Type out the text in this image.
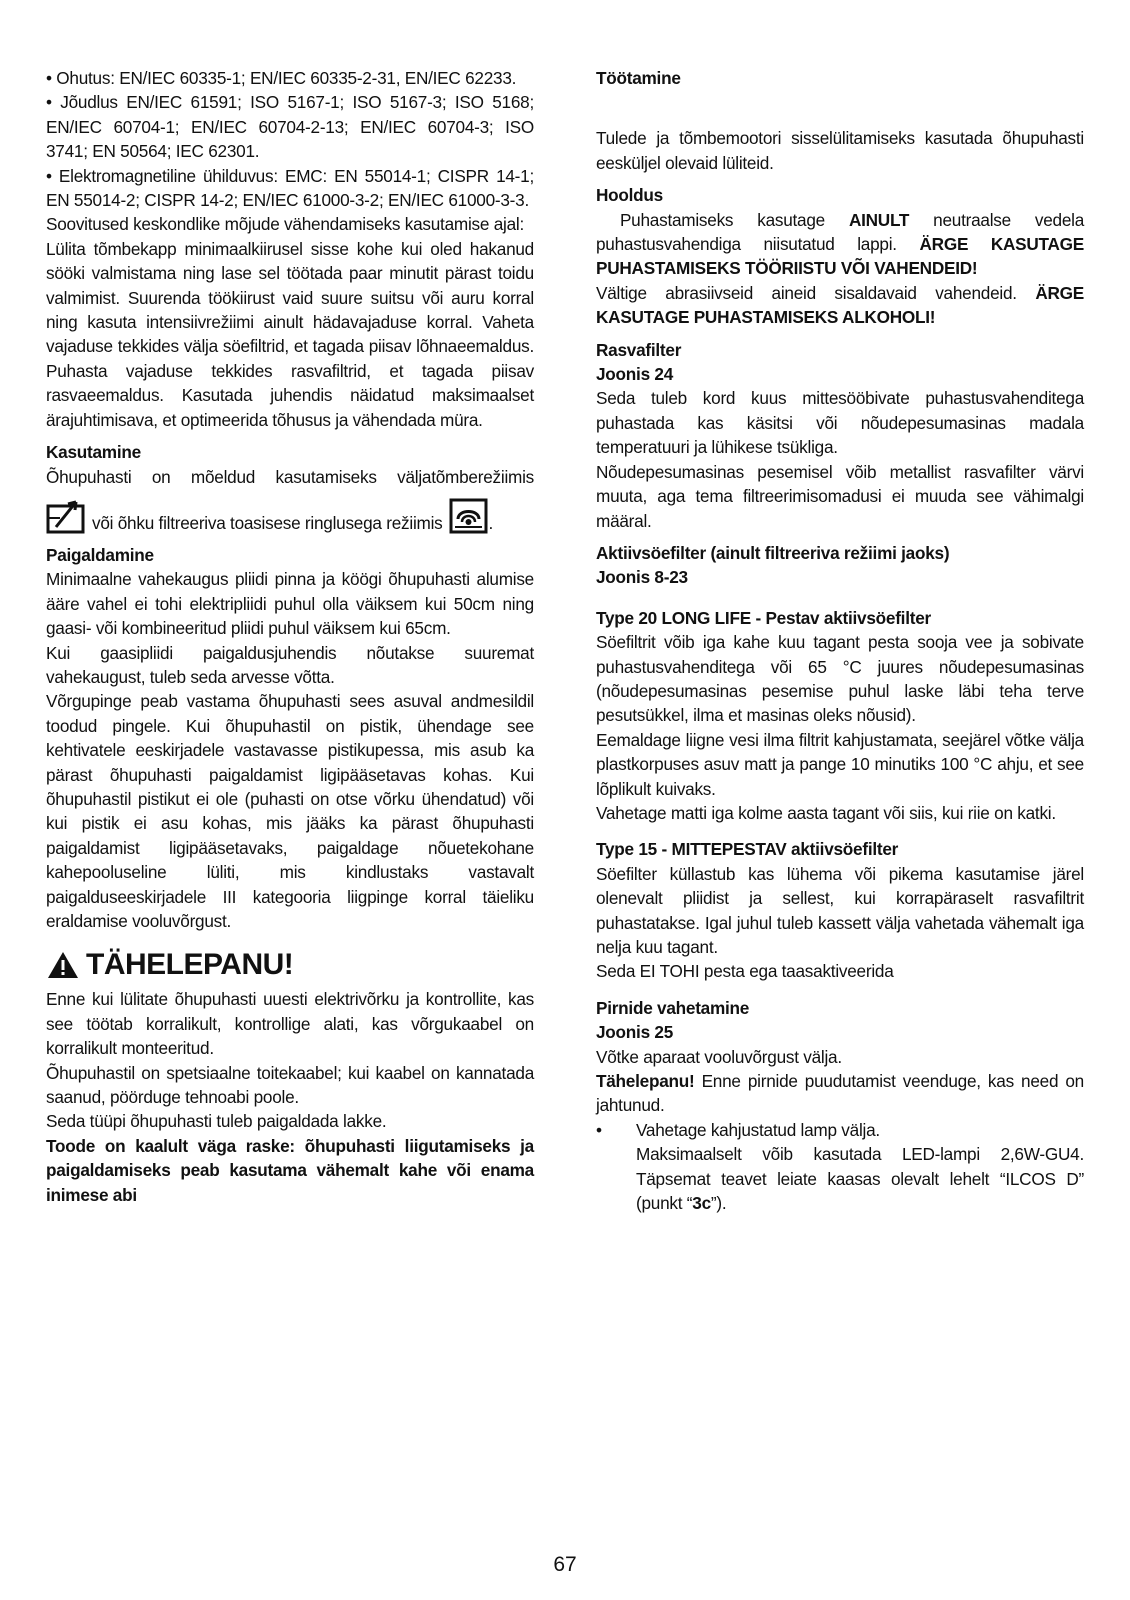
• Ohutus: EN/IEC 60335-1; EN/IEC 60335-2-31, EN/IEC 62233.

• Jõudlus EN/IEC 61591; ISO 5167-1; ISO 5167-3; ISO 5168; EN/IEC 60704-1; EN/IEC 60704-2-13; EN/IEC 60704-3; ISO 3741; EN 50564; IEC 62301.

• Elektromagnetiline ühilduvus: EMC: EN 55014-1; CISPR 14-1; EN 55014-2; CISPR 14-2; EN/IEC 61000-3-2; EN/IEC 61000-3-3.

Soovitused keskondlike mõjude vähendamiseks kasutamise ajal:

Lülita tõmbekapp minimaalkiirusel sisse kohe kui oled hakanud sööki valmistama ning lase sel töötada paar minutit pärast toidu valmimist. Suurenda töökiirust vaid suure suitsu või auru korral ning kasuta intensiivrežiimi ainult hädavajaduse korral. Vaheta vajaduse tekkides välja söefiltrid, et tagada piisav lõhnaeemaldus. Puhasta vajaduse tekkides rasvafiltrid, et tagada piisav rasvaeemaldus. Kasutada juhendis näidatud maksimaalset ärajuhtimisava, et optimeerida tõhusus ja vähendada müra.

Kasutamine

Õhupuhasti on mõeldud kasutamiseks väljatõmberežiimis

või õhku filtreeriva toasisese ringlusega režiimis	.

Paigaldamine

Minimaalne vahekaugus pliidi pinna ja köögi õhupuhasti alumise ääre vahel ei tohi elektripliidi puhul olla väiksem kui 50cm ning gaasi- või kombineeritud pliidi puhul väiksem kui 65cm.

Kui gaasipliidi paigaldusjuhendis nõutakse suuremat vahekaugust, tuleb seda arvesse võtta.

Võrgupinge peab vastama õhupuhasti sees asuval andmesildil toodud pingele. Kui õhupuhastil on pistik, ühendage see kehtivatele eeskirjadele vastavasse pistikupessa, mis asub ka pärast õhupuhasti paigaldamist ligipääsetavas kohas. Kui õhupuhastil pistikut ei ole (puhasti on otse võrku ühendatud) või kui pistik ei asu kohas, mis jääks ka pärast õhupuhasti paigaldamist ligipääsetavaks, paigaldage nõuetekohane kahepooluseline lüliti, mis kindlustaks vastavalt paigalduseeskirjadele III kategooria liigpinge korral täieliku eraldamise vooluvõrgust.

TÄHELEPANU!

Enne kui lülitate õhupuhasti uuesti elektrivõrku ja kontrollite, kas see töötab korralikult, kontrollige alati, kas võrgukaabel on korralikult monteeritud.

Õhupuhastil on spetsiaalne toitekaabel; kui kaabel on kannatada saanud, pöörduge tehnoabi poole.

Seda tüüpi õhupuhasti tuleb paigaldada lakke.

Toode on kaalult väga raske: õhupuhasti liigutamiseks ja paigaldamiseks peab kasutama vähemalt kahe või enama inimese abi

Töötamine

Tulede ja tõmbemootori sisselülitamiseks kasutada õhupuhasti eesküljel olevaid lüliteid.

Hooldus

Puhastamiseks kasutage AINULT neutraalse vedela puhastusvahendiga niisutatud lappi. ÄRGE KASUTAGE PUHASTAMISEKS TÖÖRIISTU VÕI VAHENDEID!

Vältige abrasiivseid aineid sisaldavaid vahendeid. ÄRGE KASUTAGE PUHASTAMISEKS ALKOHOLI!

Rasvafilter

Joonis 24

Seda tuleb kord kuus mittesööbivate puhastusvahenditega puhastada kas käsitsi või nõudepesumasinas madala temperatuuri ja lühikese tsükliga.

Nõudepesumasinas pesemisel võib metallist rasvafilter värvi muuta, aga tema filtreerimisomadusi ei muuda see vähimalgi määral.

Aktiivsöefilter (ainult filtreeriva režiimi jaoks)

Joonis 8-23

Type 20 LONG LIFE - Pestav aktiivsöefilter

Söefiltrit võib iga kahe kuu tagant pesta sooja vee ja sobivate puhastusvahenditega või 65 °C juures nõudepesumasinas (nõudepesumasinas pesemise puhul laske läbi teha terve pesutsükkel, ilma et masinas oleks nõusid).

Eemaldage liigne vesi ilma filtrit kahjustamata, seejärel võtke välja plastkorpuses asuv matt ja pange 10 minutiks 100 °C ahju, et see lõplikult kuivaks.

Vahetage matti iga kolme aasta tagant või siis, kui riie on katki.

Type 15 - MITTEPESTAV aktiivsöefilter

Söefilter küllastub kas lühema või pikema kasutamise järel olenevalt pliidist ja sellest, kui korrapäraselt rasvafiltrit puhastatakse. Igal juhul tuleb kassett välja vahetada vähemalt iga nelja kuu tagant.

Seda EI TOHI pesta ega taasaktiveerida

Pirnide vahetamine

Joonis 25

Võtke aparaat vooluvõrgust välja.

Tähelepanu! Enne pirnide puudutamist veenduge, kas need on jahtunud.

•	Vahetage kahjustatud lamp välja.

Maksimaalselt võib kasutada LED-lampi 2,6W-GU4. Täpsemat teavet leiate kaasas olevalt lehelt “ILCOS D” (punkt “3c”).

67
